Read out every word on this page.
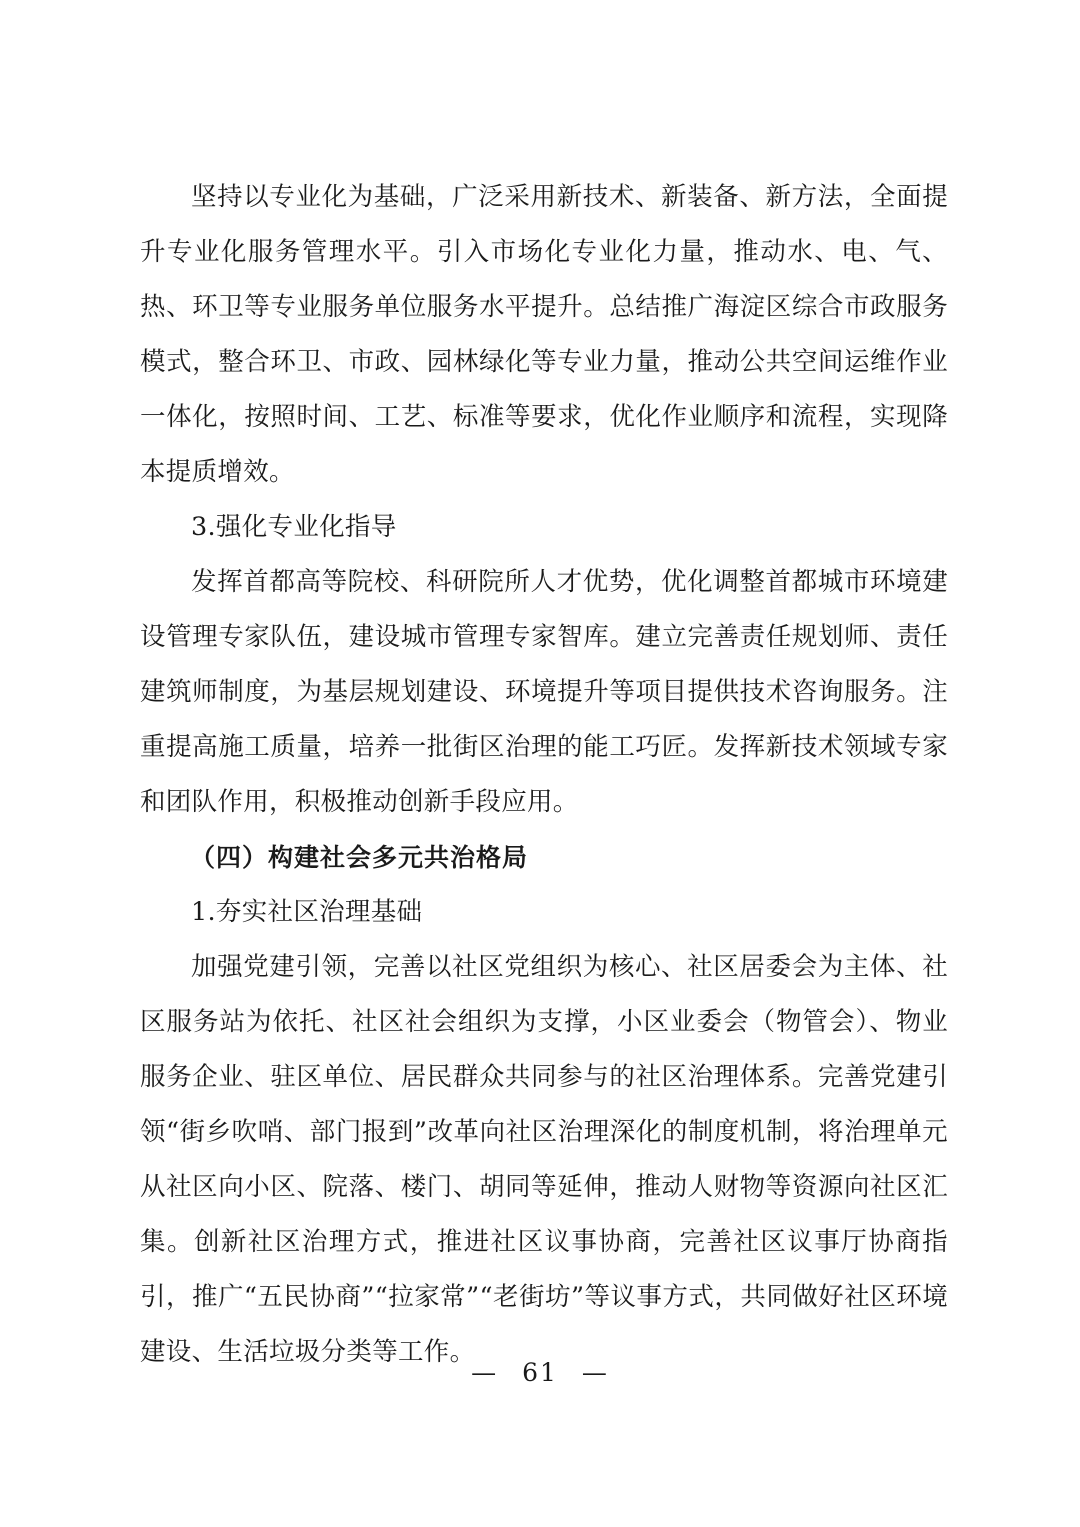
坚持以专业化为基础，广泛采用新技术、新装备、新方法，全面提升专业化服务管理水平。引入市场化专业化力量，推动水、电、气、热、环卫等专业服务单位服务水平提升。总结推广海淀区综合市政服务模式，整合环卫、市政、园林绿化等专业力量，推动公共空间运维作业一体化，按照时间、工艺、标准等要求，优化作业顺序和流程，实现降本提质增效。

3.强化专业化指导

发挥首都高等院校、科研院所人才优势，优化调整首都城市环境建设管理专家队伍，建设城市管理专家智库。建立完善责任规划师、责任建筑师制度，为基层规划建设、环境提升等项目提供技术咨询服务。注重提高施工质量，培养一批街区治理的能工巧匠。发挥新技术领域专家和团队作用，积极推动创新手段应用。

（四）构建社会多元共治格局

1.夯实社区治理基础

加强党建引领，完善以社区党组织为核心、社区居委会为主体、社区服务站为依托、社区社会组织为支撑，小区业委会（物管会）、物业服务企业、驻区单位、居民群众共同参与的社区治理体系。完善党建引领“街乡吹哨、部门报到”改革向社区治理深化的制度机制，将治理单元从社区向小区、院落、楼门、胡同等延伸，推动人财物等资源向社区汇集。创新社区治理方式，推进社区议事协商，完善社区议事厅协商指引，推广“五民协商”“拉家常”“老街坊”等议事方式，共同做好社区环境建设、生活垃圾分类等工作。

— 61 —
